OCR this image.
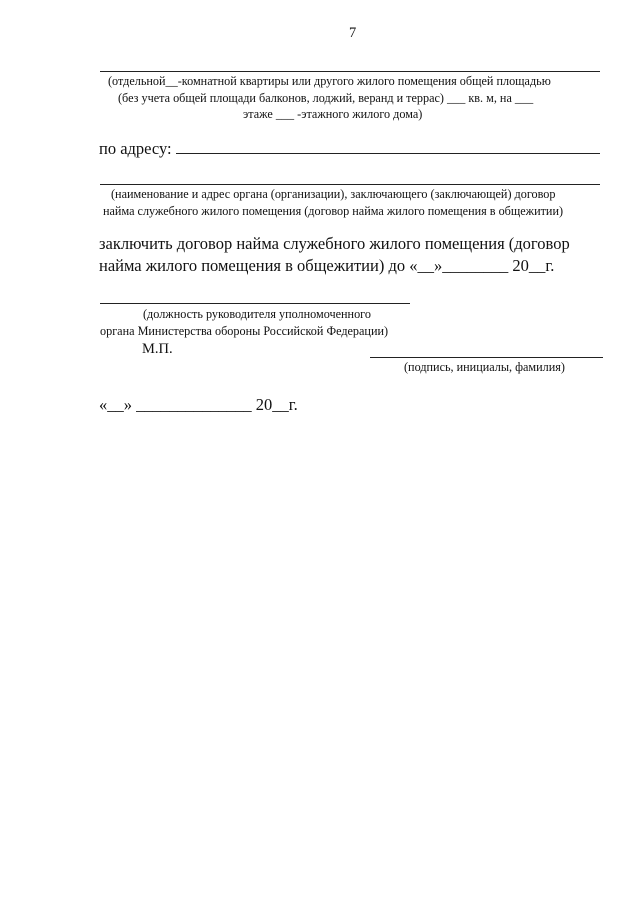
7
(отдельной__-комнатной квартиры или другого жилого помещения общей площадью
(без учета общей площади балконов, лоджий, веранд и террас) ___ кв. м, на ___
этаже ___ -этажного жилого дома)
по адресу:
(наименование и адрес органа (организации), заключающего (заключающей) договор
найма служебного жилого помещения (договор найма жилого помещения в общежитии)
заключить договор найма служебного жилого помещения (договор
найма жилого помещения в общежитии) до «__»________ 20__г.
(должность руководителя уполномоченного
органа Министерства обороны Российской Федерации)
М.П.
(подпись, инициалы, фамилия)
«__» ______________ 20__г.
